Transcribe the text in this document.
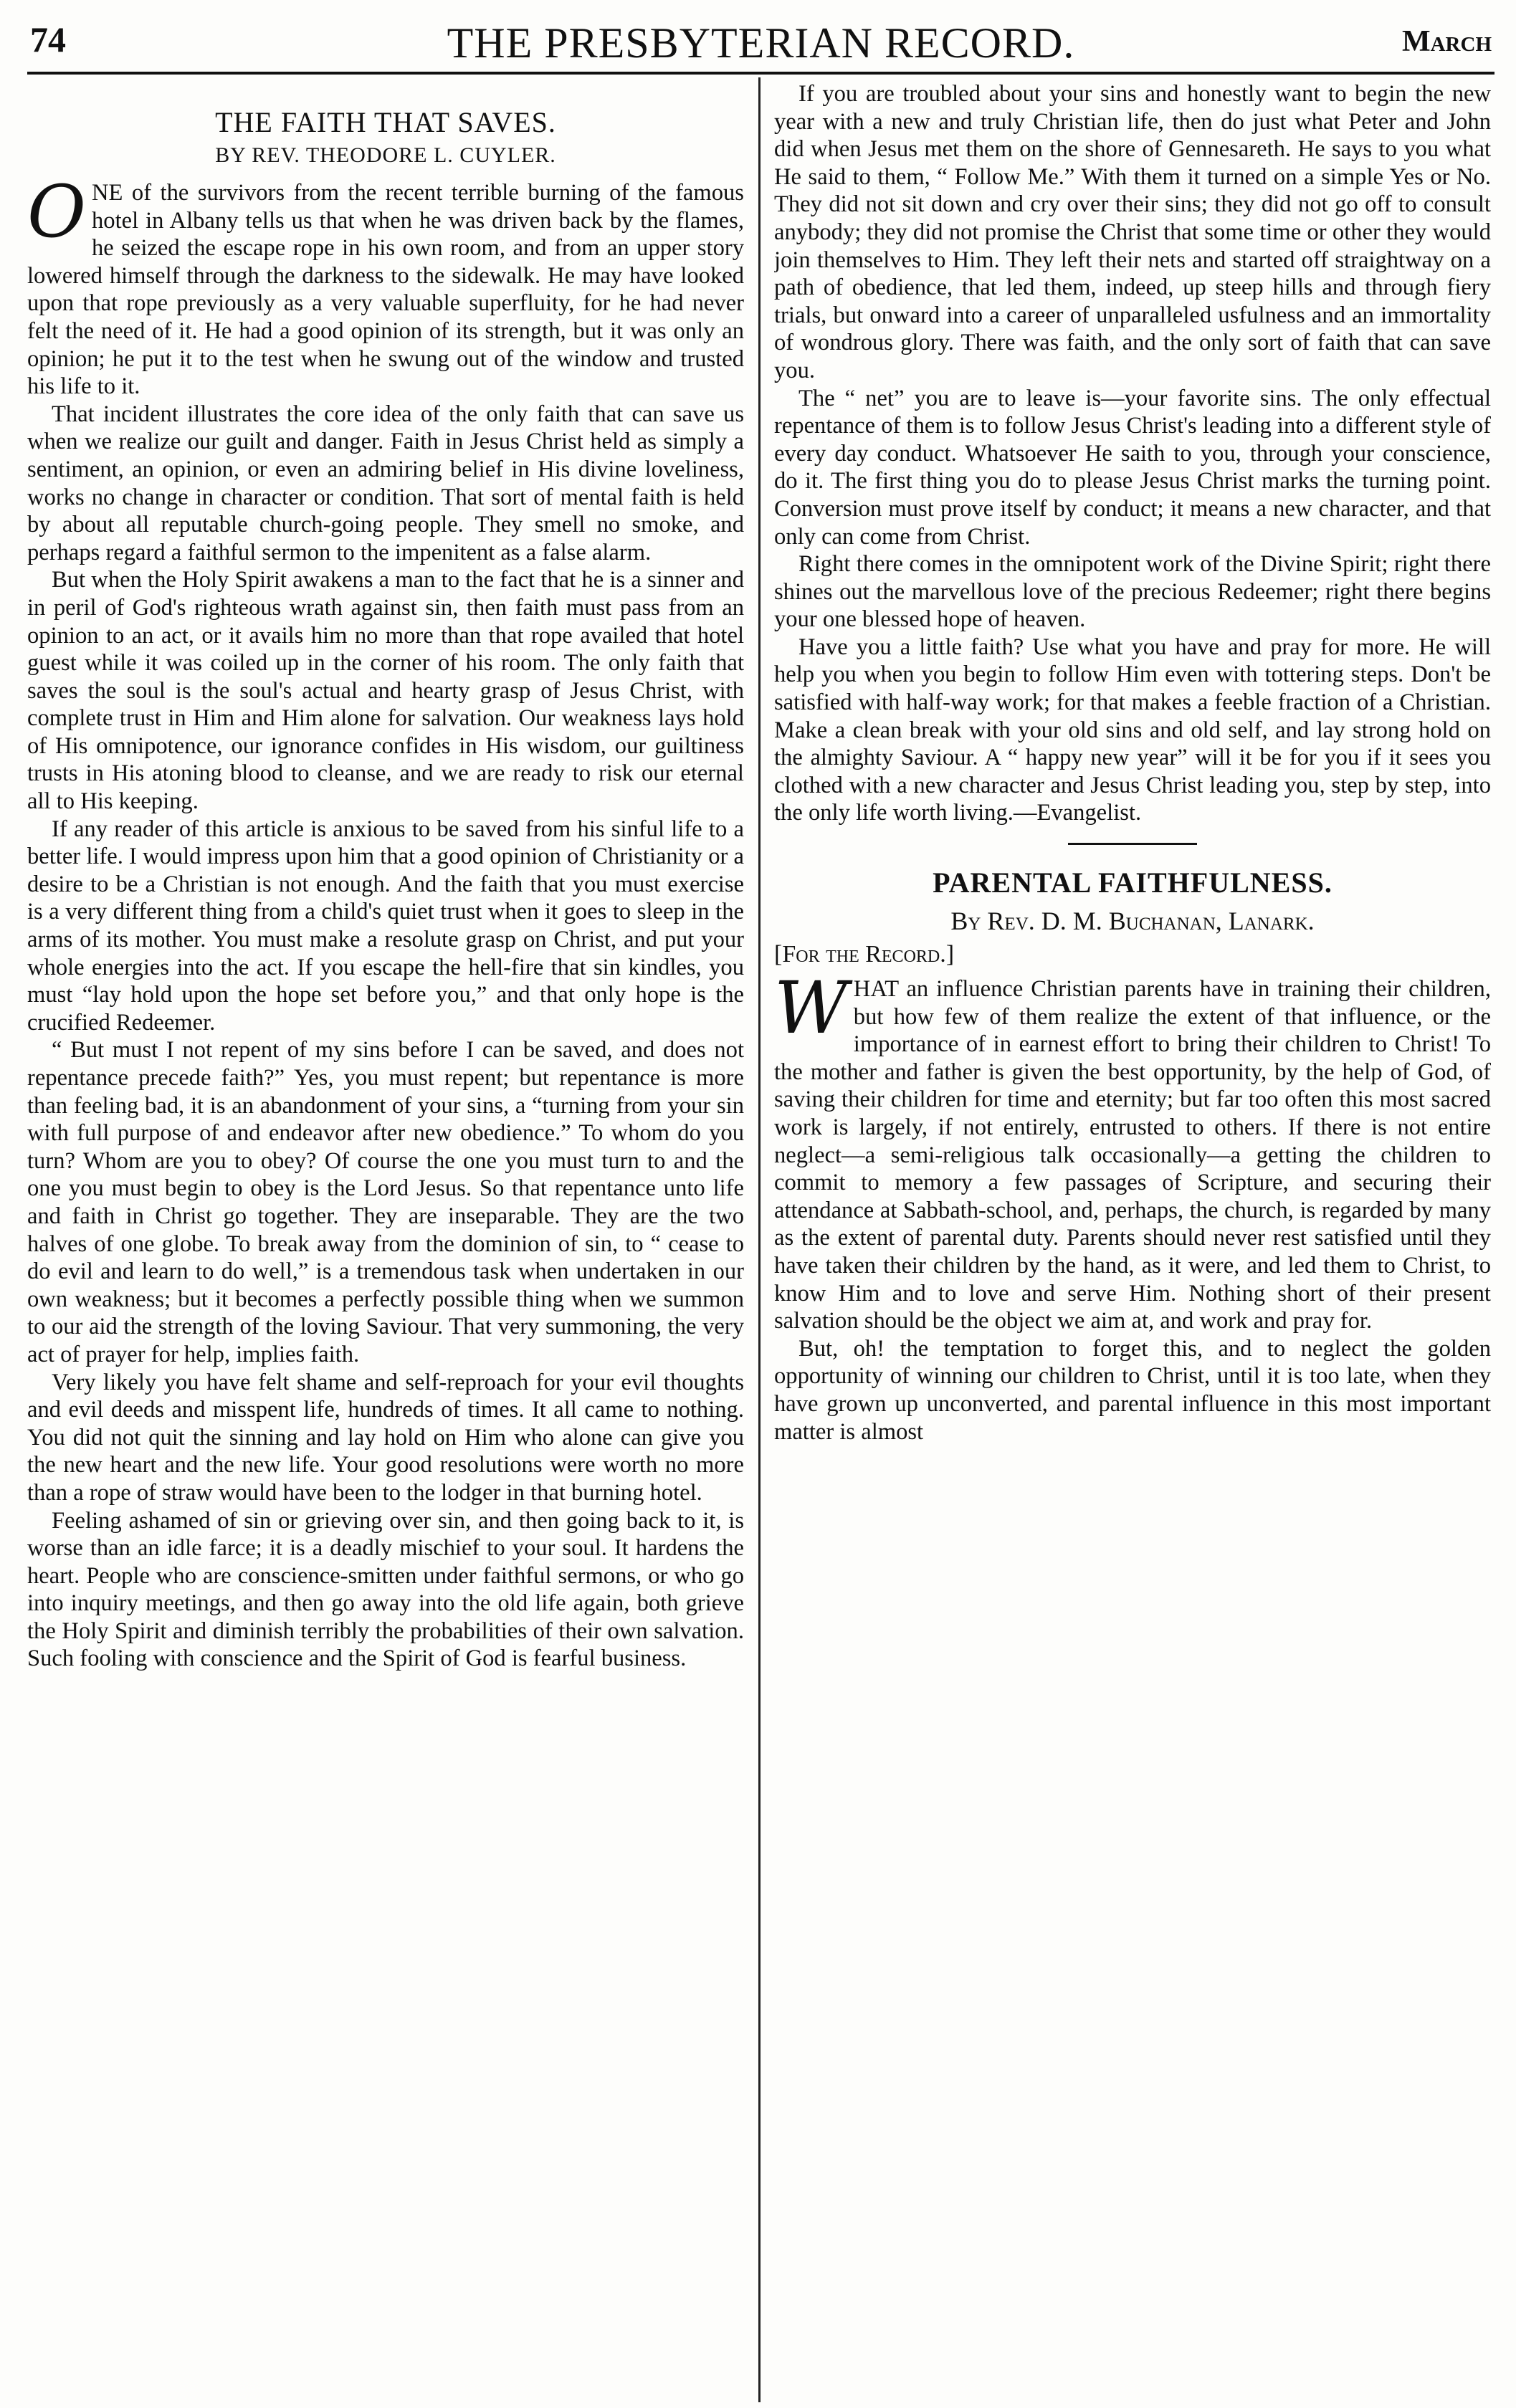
74	THE PRESBYTERIAN RECORD.	March
THE FAITH THAT SAVES.
BY REV. THEODORE L. CUYLER.

ONE of the survivors from the recent terrible burning of the famous hotel in Albany tells us that when he was driven back by the flames, he seized the escape rope in his own room, and from an upper story lowered himself through the darkness to the sidewalk. He may have looked upon that rope previously as a very valuable superfluity, for he had never felt the need of it. He had a good opinion of its strength, but it was only an opinion; he put it to the test when he swung out of the window and trusted his life to it.

That incident illustrates the core idea of the only faith that can save us when we realize our guilt and danger. Faith in Jesus Christ held as simply a sentiment, an opinion, or even an admiring belief in His divine loveliness, works no change in character or condition. That sort of mental faith is held by about all reputable church-going people. They smell no smoke, and perhaps regard a faithful sermon to the impenitent as a false alarm.

But when the Holy Spirit awakens a man to the fact that he is a sinner and in peril of God's righteous wrath against sin, then faith must pass from an opinion to an act, or it avails him no more than that rope availed that hotel guest while it was coiled up in the corner of his room. The only faith that saves the soul is the soul's actual and hearty grasp of Jesus Christ, with complete trust in Him and Him alone for salvation. Our weakness lays hold of His omnipotence, our ignorance confides in His wisdom, our guiltiness trusts in His atoning blood to cleanse, and we are ready to risk our eternal all to His keeping.

If any reader of this article is anxious to be saved from his sinful life to a better life. I would impress upon him that a good opinion of Christianity or a desire to be a Christian is not enough. And the faith that you must exercise is a very different thing from a child's quiet trust when it goes to sleep in the arms of its mother. You must make a resolute grasp on Christ, and put your whole energies into the act. If you escape the hell-fire that sin kindles, you must “lay hold upon the hope set before you,” and that only hope is the crucified Redeemer.

“ But must I not repent of my sins before I can be saved, and does not repentance precede faith?” Yes, you must repent; but repentance is more than feeling bad, it is an abandonment of your sins, a “turning from your sin with full purpose of and endeavor after new obedience.” To whom do you turn? Whom are you to obey? Of course the one you must turn to and the one you must begin to obey is the Lord Jesus. So that repentance unto life and faith in Christ go together. They are inseparable. They are the two halves of one globe. To break away from the dominion of sin, to “ cease to do evil and learn to do well,” is a tremendous task when undertaken in our own weakness; but it becomes a perfectly possible thing when we summon to our aid the strength of the loving Saviour. That very summoning, the very act of prayer for help, implies faith.

Very likely you have felt shame and self-reproach for your evil thoughts and evil deeds and misspent life, hundreds of times. It all came to nothing. You did not quit the sinning and lay hold on Him who alone can give you the new heart and the new life. Your good resolutions were worth no more than a rope of straw would have been to the lodger in that burning hotel.

Feeling ashamed of sin or grieving over sin, and then going back to it, is worse than an idle farce; it is a deadly mischief to your soul. It hardens the heart. People who are conscience-smitten under faithful sermons, or who go into inquiry meetings, and then go away into the old life again, both grieve the Holy Spirit and diminish terribly the probabilities of their own salvation. Such fooling with conscience and the Spirit of God is fearful business.

If you are troubled about your sins and honestly want to begin the new year with a new and truly Christian life, then do just what Peter and John did when Jesus met them on the shore of Gennesareth. He says to you what He said to them, “ Follow Me.” With them it turned on a simple Yes or No. They did not sit down and cry over their sins; they did not go off to consult anybody; they did not promise the Christ that some time or other they would join themselves to Him. They left their nets and started off straightway on a path of obedience, that led them, indeed, up steep hills and through fiery trials, but onward into a career of unparalleled usfulness and an immortality of wondrous glory. There was faith, and the only sort of faith that can save you.

The “ net” you are to leave is—your favorite sins. The only effectual repentance of them is to follow Jesus Christ's leading into a different style of every day conduct. Whatsoever He saith to you, through your conscience, do it. The first thing you do to please Jesus Christ marks the turning point. Conversion must prove itself by conduct; it means a new character, and that only can come from Christ.

Right there comes in the omnipotent work of the Divine Spirit; right there shines out the marvellous love of the precious Redeemer; right there begins your one blessed hope of heaven.

Have you a little faith? Use what you have and pray for more. He will help you when you begin to follow Him even with tottering steps. Don't be satisfied with half-way work; for that makes a feeble fraction of a Christian. Make a clean break with your old sins and old self, and lay strong hold on the almighty Saviour. A “ happy new year” will it be for you if it sees you clothed with a new character and Jesus Christ leading you, step by step, into the only life worth living.—Evangelist.

PARENTAL FAITHFULNESS.
By Rev. D. M. Buchanan, Lanark.
[For the Record.]

WHAT an influence Christian parents have in training their children, but how few of them realize the extent of that influence, or the importance of in earnest effort to bring their children to Christ! To the mother and father is given the best opportunity, by the help of God, of saving their children for time and eternity; but far too often this most sacred work is largely, if not entirely, entrusted to others. If there is not entire neglect—a semi-religious talk occasionally—a getting the children to commit to memory a few passages of Scripture, and securing their attendance at Sabbath-school, and, perhaps, the church, is regarded by many as the extent of parental duty. Parents should never rest satisfied until they have taken their children by the hand, as it were, and led them to Christ, to know Him and to love and serve Him. Nothing short of their present salvation should be the object we aim at, and work and pray for.

But, oh! the temptation to forget this, and to neglect the golden opportunity of winning our children to Christ, until it is too late, when they have grown up unconverted, and parental influence in this most important matter is almost
